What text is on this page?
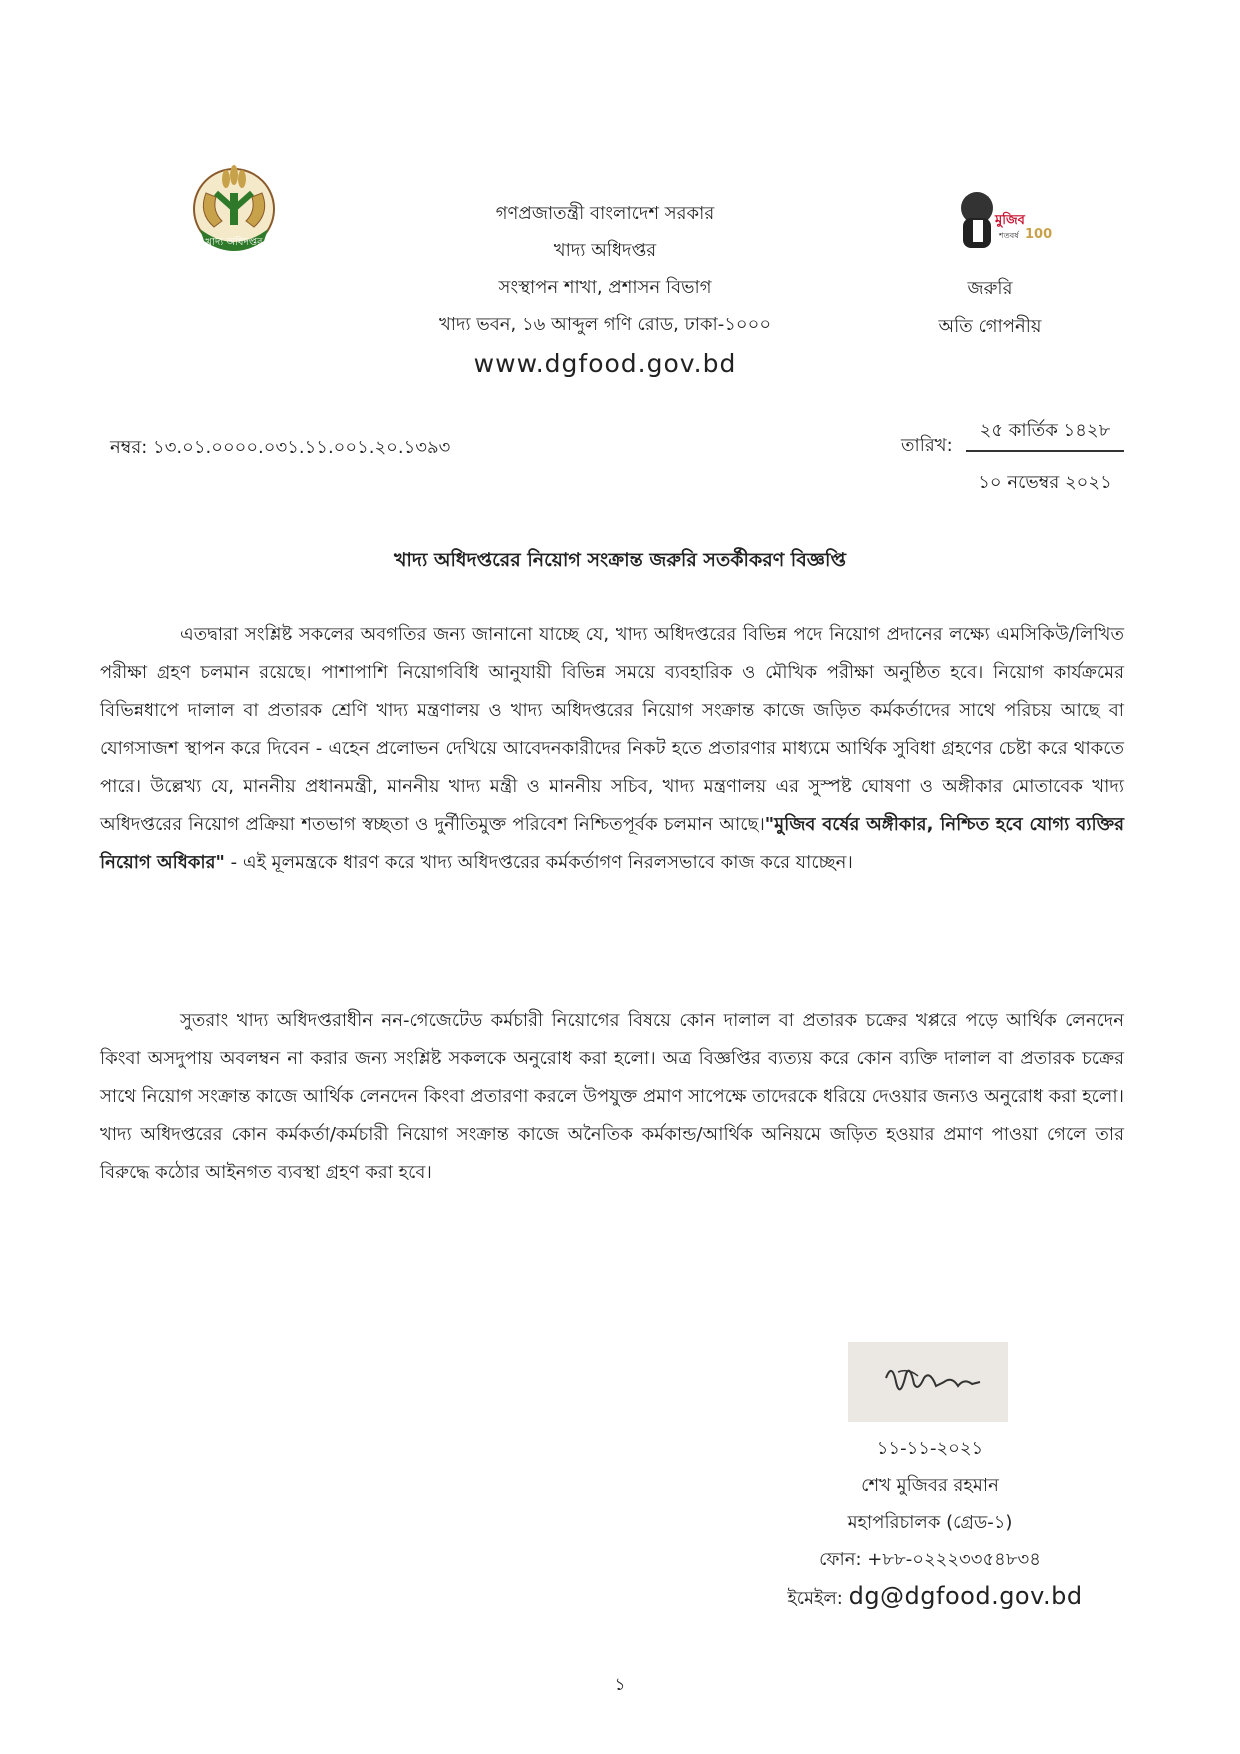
খাদ্য অধিদপ্তর
মুজিব
শতবর্ষ 100
গণপ্রজাতন্ত্রী বাংলাদেশ সরকার
খাদ্য অধিদপ্তর
সংস্থাপন শাখা, প্রশাসন বিভাগ
খাদ্য ভবন, ১৬ আব্দুল গণি রোড, ঢাকা-১০০০
www.dgfood.gov.bd
জরুরি
অতি গোপনীয়
নম্বর: ১৩.০১.০০০০.০৩১.১১.০০১.২০.১৩৯৩	তারিখ:
২৫ কার্তিক ১৪২৮
১০ নভেম্বর ২০২১
খাদ্য অধিদপ্তরের নিয়োগ সংক্রান্ত জরুরি সতর্কীকরণ বিজ্ঞপ্তি

এতদ্বারা সংশ্লিষ্ট সকলের অবগতির জন্য জানানো যাচ্ছে যে, খাদ্য অধিদপ্তরের বিভিন্ন পদে নিয়োগ প্রদানের লক্ষ্যে এমসিকিউ/লিখিত পরীক্ষা গ্রহণ চলমান রয়েছে। পাশাপাশি নিয়োগবিধি আনুযায়ী বিভিন্ন সময়ে ব্যবহারিক ও মৌখিক পরীক্ষা অনুষ্ঠিত হবে। নিয়োগ কার্যক্রমের বিভিন্নধাপে দালাল বা প্রতারক শ্রেণি খাদ্য মন্ত্রণালয় ও খাদ্য অধিদপ্তরের নিয়োগ সংক্রান্ত কাজে জড়িত কর্মকর্তাদের সাথে পরিচয় আছে বা যোগসাজশ স্থাপন করে দিবেন - এহেন প্রলোভন দেখিয়ে আবেদনকারীদের নিকট হতে প্রতারণার মাধ্যমে আর্থিক সুবিধা গ্রহণের চেষ্টা করে থাকতে পারে। উল্লেখ্য যে, মাননীয় প্রধানমন্ত্রী, মাননীয় খাদ্য মন্ত্রী ও মাননীয় সচিব, খাদ্য মন্ত্রণালয় এর সুস্পষ্ট ঘোষণা ও অঙ্গীকার মোতাবেক খাদ্য অধিদপ্তরের নিয়োগ প্রক্রিয়া শতভাগ স্বচ্ছতা ও দুর্নীতিমুক্ত পরিবেশ নিশ্চিতপূর্বক চলমান আছে।"মুজিব বর্ষের অঙ্গীকার, নিশ্চিত হবে যোগ্য ব্যক্তির নিয়োগ অধিকার" - এই মূলমন্ত্রকে ধারণ করে খাদ্য অধিদপ্তরের কর্মকর্তাগণ নিরলসভাবে কাজ করে যাচ্ছেন।

সুতরাং খাদ্য অধিদপ্তরাধীন নন-গেজেটেড কর্মচারী নিয়োগের বিষয়ে কোন দালাল বা প্রতারক চক্রের খপ্পরে পড়ে আর্থিক লেনদেন কিংবা অসদুপায় অবলম্বন না করার জন্য সংশ্লিষ্ট সকলকে অনুরোধ করা হলো। অত্র বিজ্ঞপ্তির ব্যত্যয় করে কোন ব্যক্তি দালাল বা প্রতারক চক্রের সাথে নিয়োগ সংক্রান্ত কাজে আর্থিক লেনদেন কিংবা প্রতারণা করলে উপযুক্ত প্রমাণ সাপেক্ষে তাদেরকে ধরিয়ে দেওয়ার জন্যও অনুরোধ করা হলো। খাদ্য অধিদপ্তরের কোন কর্মকর্তা/কর্মচারী নিয়োগ সংক্রান্ত কাজে অনৈতিক কর্মকান্ড/আর্থিক অনিয়মে জড়িত হওয়ার প্রমাণ পাওয়া গেলে তার বিরুদ্ধে কঠোর আইনগত ব্যবস্থা গ্রহণ করা হবে।

১১-১১-২০২১
শেখ মুজিবর রহমান
মহাপরিচালক (গ্রেড-১)
ফোন: +৮৮-০২২২৩৩৫৪৮৩৪
ইমেইল: dg@dgfood.gov.bd
১
